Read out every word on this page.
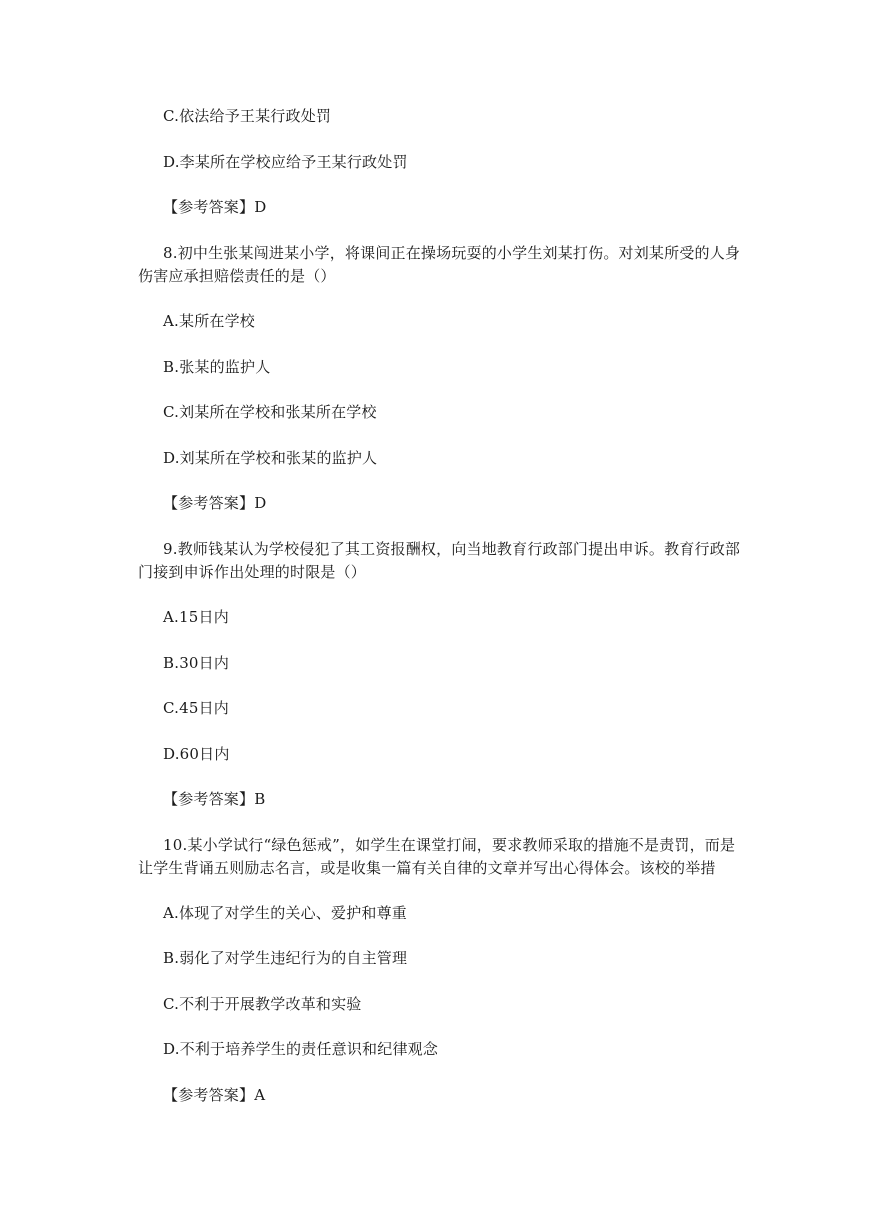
C.依法给予王某行政处罚
D.李某所在学校应给予王某行政处罚
【参考答案】D
8.初中生张某闯进某小学，将课间正在操场玩耍的小学生刘某打伤。对刘某所受的人身
伤害应承担赔偿责任的是（）
A.某所在学校
B.张某的监护人
C.刘某所在学校和张某所在学校
D.刘某所在学校和张某的监护人
【参考答案】D
9.教师钱某认为学校侵犯了其工资报酬权，向当地教育行政部门提出申诉。教育行政部
门接到申诉作出处理的时限是（）
A.15日内
B.30日内
C.45日内
D.60日内
【参考答案】B
10.某小学试行“绿色惩戒”，如学生在课堂打闹，要求教师采取的措施不是责罚，而是
让学生背诵五则励志名言，或是收集一篇有关自律的文章并写出心得体会。该校的举措
A.体现了对学生的关心、爱护和尊重
B.弱化了对学生违纪行为的自主管理
C.不利于开展教学改革和实验
D.不利于培养学生的责任意识和纪律观念
【参考答案】A
